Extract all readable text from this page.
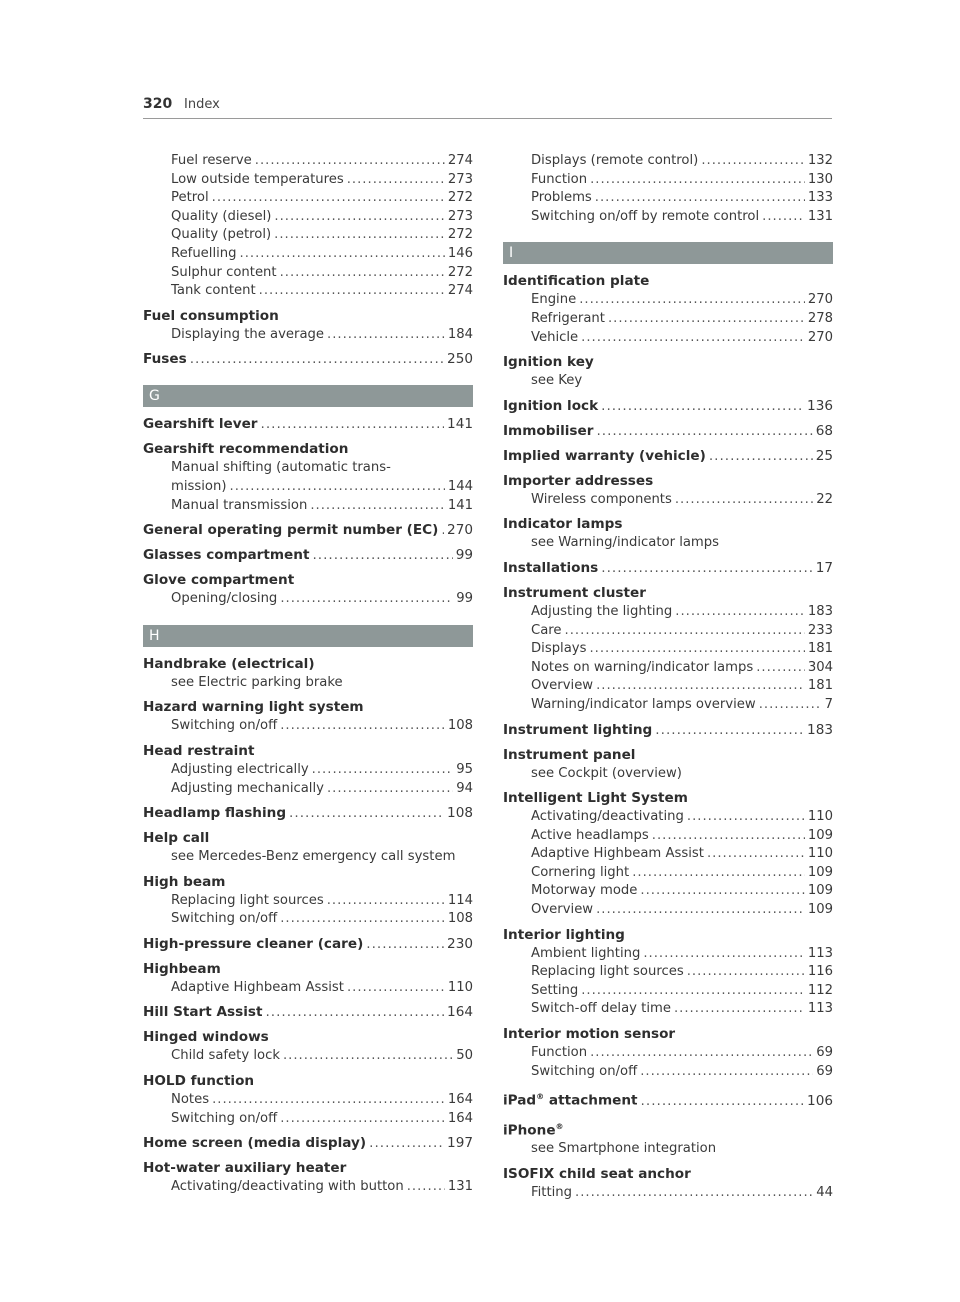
320 Index
Fuel reserve .....	274
Low outside temperatures .....	273
Petrol .....	272
Quality (diesel) .....	273
Quality (petrol) .....	272
Refuelling .....	146
Sulphur content .....	272
Tank content .....	274
Fuel consumption
Displaying the average .....	184
Fuses .....	250
G
Gearshift lever .....	141
Gearshift recommendation
Manual shifting (automatic trans-
mission) .....	144
Manual transmission .....	141
General operating permit number (EC) ..... 270
Glasses compartment .....	99
Glove compartment
Opening/closing .....	99
H
Handbrake (electrical)
see Electric parking brake
Hazard warning light system
Switching on/off .....	108
Head restraint
Adjusting electrically .....	95
Adjusting mechanically .....	94
Headlamp flashing .....	108
Help call
see Mercedes-Benz emergency call system
High beam
Replacing light sources .....	114
Switching on/off .....	108
High-pressure cleaner (care) .....	230
Highbeam
Adaptive Highbeam Assist .....	110
Hill Start Assist .....	164
Hinged windows
Child safety lock .....	50
HOLD function
Notes .....	164
Switching on/off .....	164
Home screen (media display) .....	197
Hot-water auxiliary heater
Activating/deactivating with button .....	131
Displays (remote control) .....	132
Function .....	130
Problems .....	133
Switching on/off by remote control .....	131
I
Identification plate
Engine .....	270
Refrigerant .....	278
Vehicle .....	270
Ignition key
see Key
Ignition lock .....	136
Immobiliser .....	68
Implied warranty (vehicle) .....	25
Importer addresses
Wireless components .....	22
Indicator lamps
see Warning/indicator lamps
Installations .....	17
Instrument cluster
Adjusting the lighting .....	183
Care .....	233
Displays .....	181
Notes on warning/indicator lamps .....	304
Overview .....	181
Warning/indicator lamps overview .....	7
Instrument lighting .....	183
Instrument panel
see Cockpit (overview)
Intelligent Light System
Activating/deactivating .....	110
Active headlamps .....	109
Adaptive Highbeam Assist .....	110
Cornering light .....	109
Motorway mode .....	109
Overview .....	109
Interior lighting
Ambient lighting .....	113
Replacing light sources .....	116
Setting .....	112
Switch-off delay time .....	113
Interior motion sensor
Function .....	69
Switching on/off .....	69
iPad® attachment .....	106
iPhone®
see Smartphone integration
ISOFIX child seat anchor
Fitting .....	44
